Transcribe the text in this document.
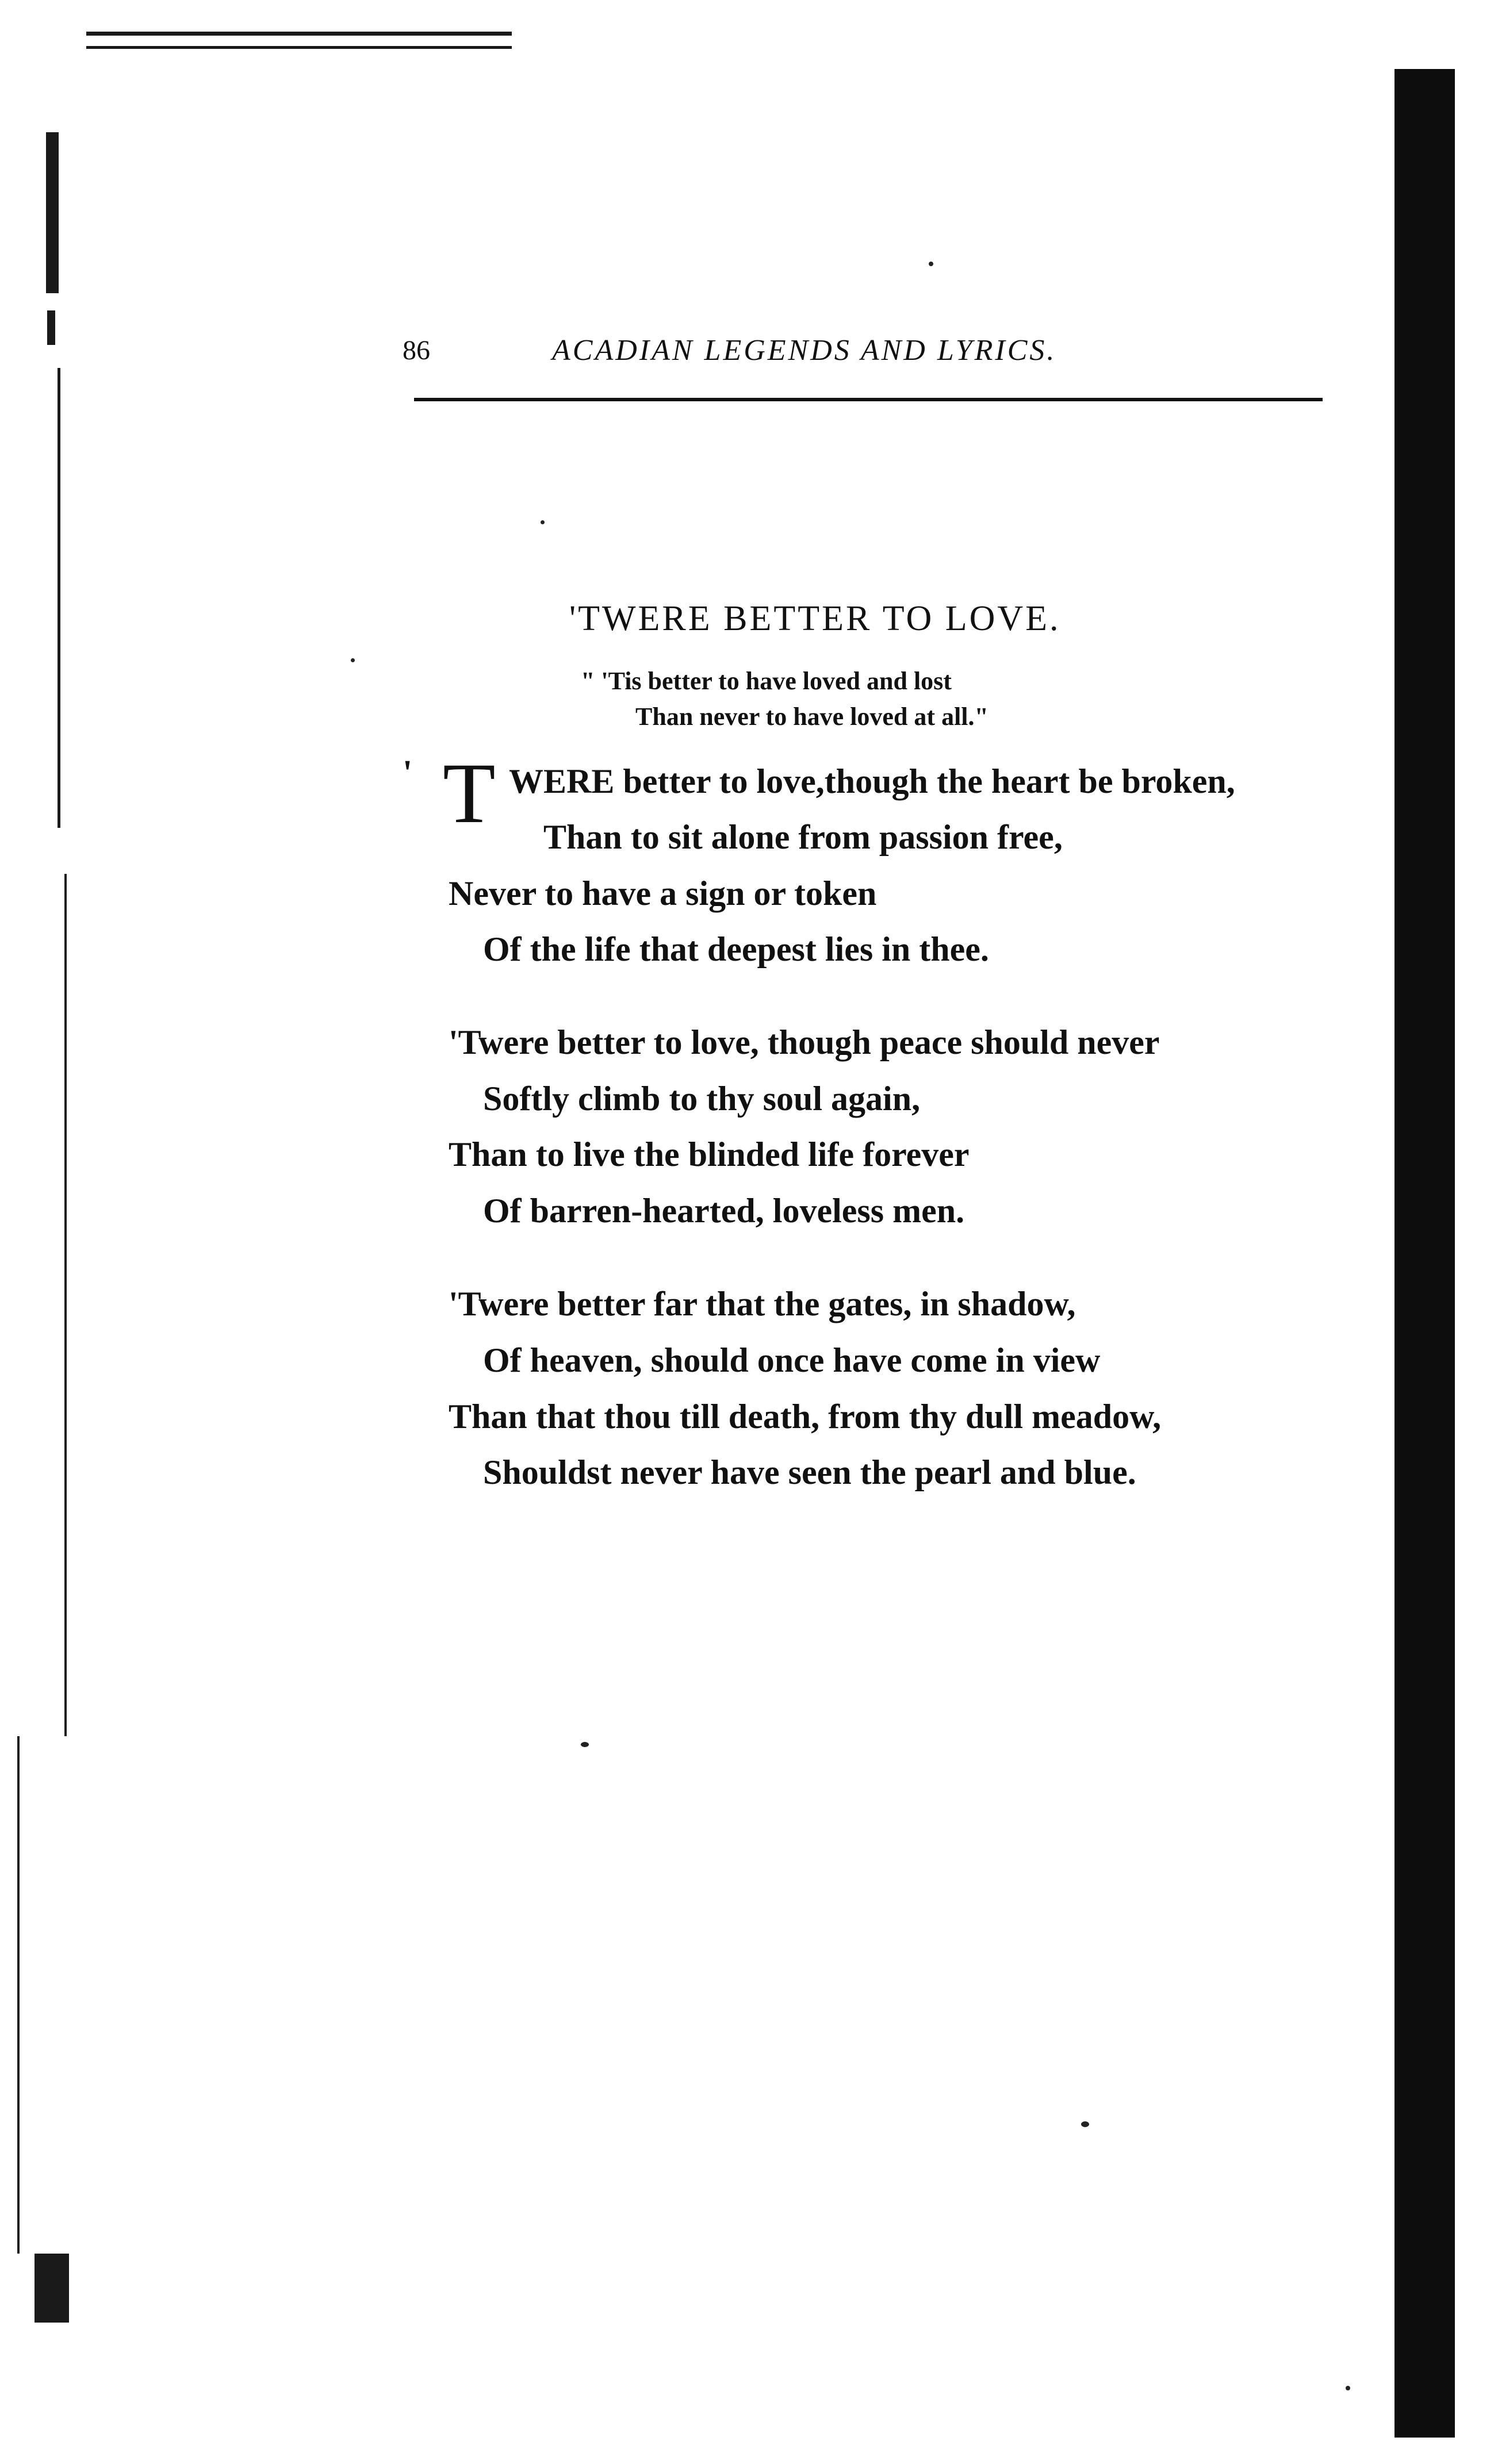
86	ACADIAN LEGENDS AND LYRICS.
'TWERE BETTER TO LOVE.
" 'Tis better to have loved and lost
Than never to have loved at all."
' T WERE better to love,though the heart be broken,
Than to sit alone from passion free,
Never to have a sign or token
Of the life that deepest lies in thee.
'Twere better to love, though peace should never
Softly climb to thy soul again,
Than to live the blinded life forever
Of barren-hearted, loveless men.
'Twere better far that the gates, in shadow,
Of heaven, should once have come in view
Than that thou till death, from thy dull meadow,
Shouldst never have seen the pearl and blue.
